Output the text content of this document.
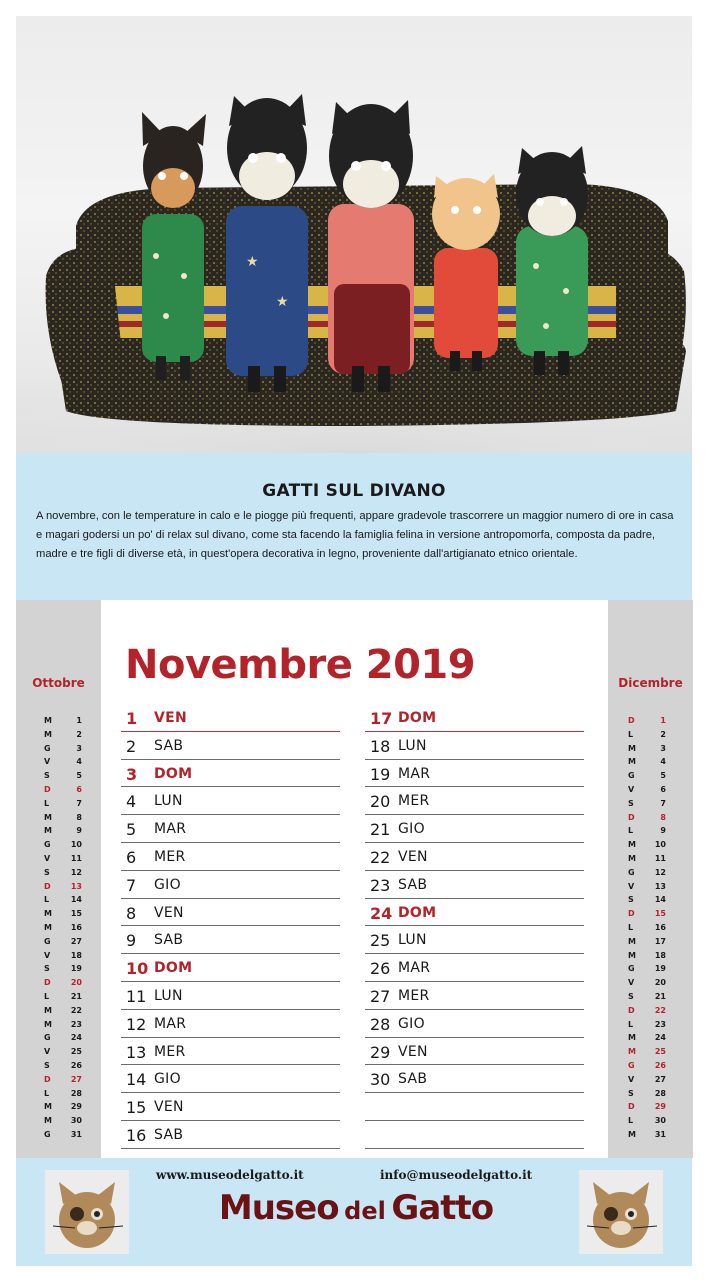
★
★
GATTI SUL DIVANO
A novembre, con le temperature in calo e le piogge più frequenti, appare gradevole trascorrere un maggior numero di ore in casa e magari godersi un po' di relax sul divano, come sta facendo la famiglia felina in versione antropomorfa, composta da padre, madre e tre figli di diverse età, in quest'opera decorativa in legno, proveniente dall'artigianato etnico orientale.
Ottobre
M	1
M	2
G	3
V	4
S	5
D	6
L	7
M	8
M	9
G	10
V	11
S	12
D	13
L	14
M	15
M	16
G	27
V	18
S	19
D	20
L	21
M	22
M	23
G	24
V	25
S	26
D	27
L	28
M	29
M	30
G	31
Novembre 2019
1 VEN
2 SAB
3 DOM
4 LUN
5 MAR
6 MER
7 GIO
8 VEN
9 SAB
10 DOM
11 LUN
12 MAR
13 MER
14 GIO
15 VEN
16 SAB
17 DOM
18 LUN
19 MAR
20 MER
21 GIO
22 VEN
23 SAB
24 DOM
25 LUN
26 MAR
27 MER
28 GIO
29 VEN
30 SAB
Dicembre
D	1
L	2
M	3
M	4
G	5
V	6
S	7
D	8
L	9
M	10
M	11
G	12
V	13
S	14
D	15
L	16
M	17
M	18
G	19
V	20
S	21
D	22
L	23
M	24
M	25
G	26
V	27
S	28
D	29
L	30
M	31
www.museodelgatto.it	info@museodelgatto.it
Museo del Gatto
